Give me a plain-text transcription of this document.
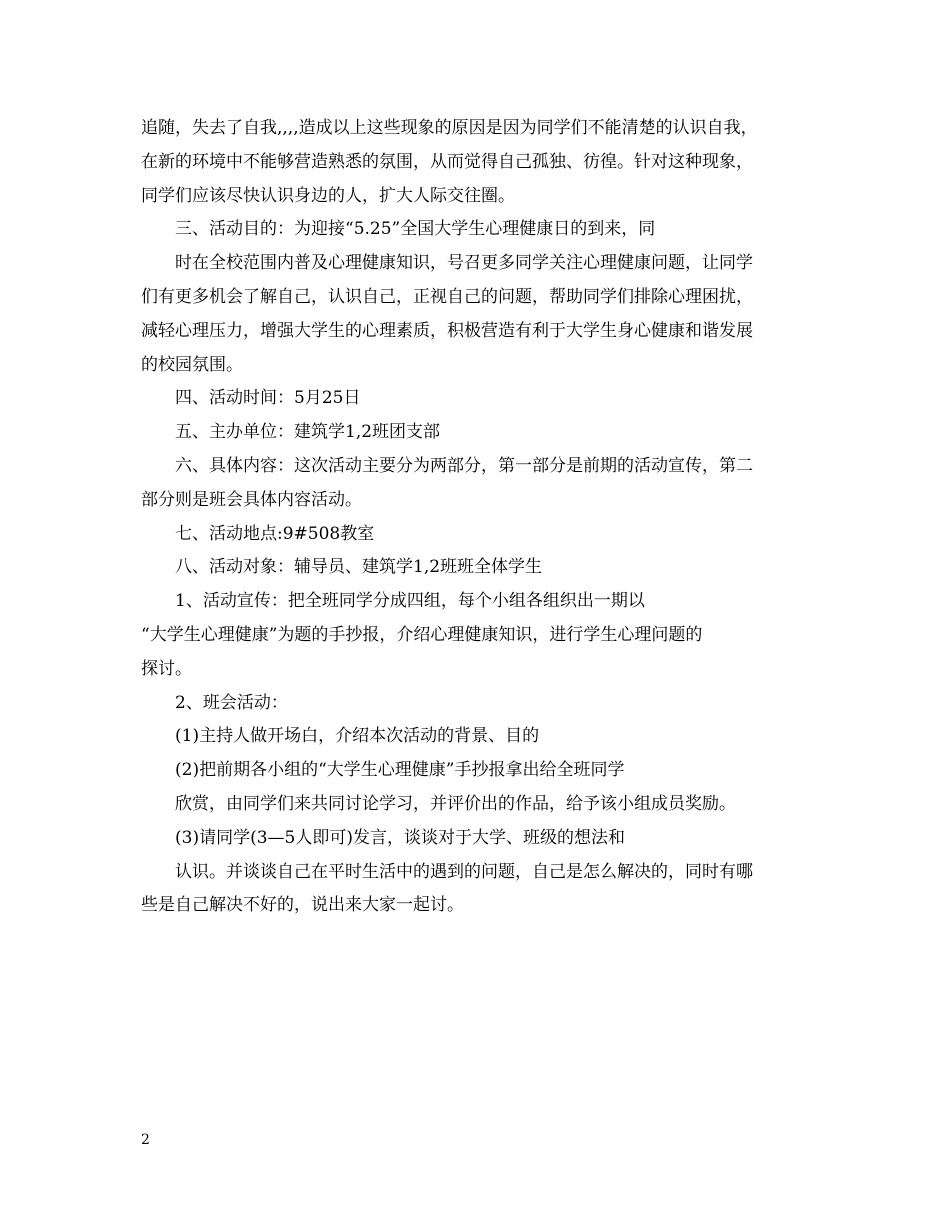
追随，失去了自我,,,,造成以上这些现象的原因是因为同学们不能清楚的认识自我，
在新的环境中不能够营造熟悉的氛围，从而觉得自己孤独、彷徨。针对这种现象，
同学们应该尽快认识身边的人，扩大人际交往圈。
三、活动目的：为迎接“5.25”全国大学生心理健康日的到来，同
时在全校范围内普及心理健康知识，号召更多同学关注心理健康问题，让同学
们有更多机会了解自己，认识自己，正视自己的问题，帮助同学们排除心理困扰，
减轻心理压力，增强大学生的心理素质，积极营造有利于大学生身心健康和谐发展
的校园氛围。
四、活动时间：5月25日
五、主办单位：建筑学1,2班团支部
六、具体内容：这次活动主要分为两部分，第一部分是前期的活动宣传，第二
部分则是班会具体内容活动。
七、活动地点:9#508教室
八、活动对象：辅导员、建筑学1,2班班全体学生
1、活动宣传：把全班同学分成四组，每个小组各组织出一期以
“大学生心理健康”为题的手抄报，介绍心理健康知识，进行学生心理问题的
探讨。
2、班会活动：
(1)主持人做开场白，介绍本次活动的背景、目的
(2)把前期各小组的“大学生心理健康”手抄报拿出给全班同学
欣赏，由同学们来共同讨论学习，并评价出的作品，给予该小组成员奖励。
(3)请同学(3—5人即可)发言，谈谈对于大学、班级的想法和
认识。并谈谈自己在平时生活中的遇到的问题，自己是怎么解决的，同时有哪
些是自己解决不好的，说出来大家一起讨。
2
